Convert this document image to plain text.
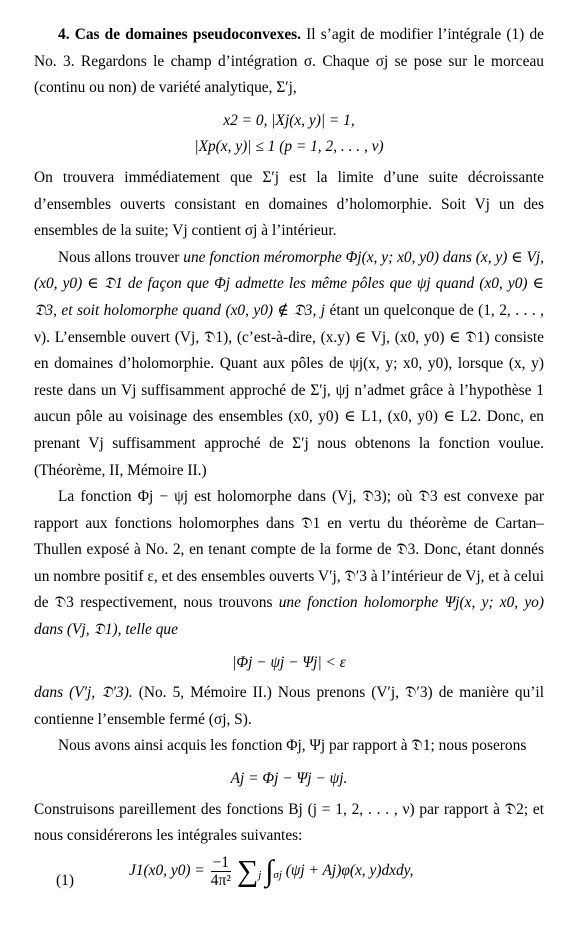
4. Cas de domaines pseudoconvexes. Il s’agit de modifier l’intégrale (1) de No. 3. Regardons le champ d’intégration σ. Chaque σj se pose sur le morceau (continu ou non) de variété analytique, Σ′j,

x2 = 0, |Xj(x, y)| = 1,
|Xp(x, y)| ≤ 1 (p = 1, 2, . . . , ν)

On trouvera immédiatement que Σ′j est la limite d’une suite décroissante d’ensembles ouverts consistant en domaines d’holomorphie. Soit Vj un des ensembles de la suite; Vj contient σj à l’intérieur.

Nous allons trouver une fonction méromorphe Φj(x, y; x0, y0) dans (x, y) ∈ Vj, (x0, y0) ∈ 𝔇1 de façon que Φj admette les même pôles que ψj quand (x0, y0) ∈ 𝔇3, et soit holomorphe quand (x0, y0) ∉ 𝔇3, j étant un quelconque de (1, 2, . . . , ν). L’ensemble ouvert (Vj, 𝔇1), (c’est-à-dire, (x.y) ∈ Vj, (x0, y0) ∈ 𝔇1) consiste en domaines d’holomorphie. Quant aux pôles de ψj(x, y; x0, y0), lorsque (x, y) reste dans un Vj suffisamment approché de Σ′j, ψj n’admet grâce à l’hypothèse 1 aucun pôle au voisinage des ensembles (x0, y0) ∈ L1, (x0, y0) ∈ L2. Donc, en prenant Vj suffisamment approché de Σ′j nous obtenons la fonction voulue. (Théorème, II, Mémoire II.)

La fonction Φj − ψj est holomorphe dans (Vj, 𝔇3); où 𝔇3 est convexe par rapport aux fonctions holomorphes dans 𝔇1 en vertu du théorème de Cartan–Thullen exposé à No. 2, en tenant compte de la forme de 𝔇3. Donc, étant donnés un nombre positif ε, et des ensembles ouverts V′j, 𝔇′3 à l’intérieur de Vj, et à celui de 𝔇3 respectivement, nous trouvons une fonction holomorphe Ψj(x, y; x0, yo) dans (Vj, 𝔇1), telle que

|Φj − ψj − Ψj| < ε

dans (V′j, 𝔇′3). (No. 5, Mémoire II.) Nous prenons (V′j, 𝔇′3) de manière qu’il contienne l’ensemble fermé (σj, S).

Nous avons ainsi acquis les fonction Φj, Ψj par rapport à 𝔇1; nous poserons

Aj = Φj − Ψj − ψj.

Construisons pareillement des fonctions Bj (j = 1, 2, . . . , ν) par rapport à 𝔇2; et nous considérerons les intégrales suivantes:

(1)
J1(x0, $y0) = \frac{-1}{\text{4π²}} \sum_j$ $\int_{\sigma j}$ (ψj + Aj)φ(x, y)dxdy,
